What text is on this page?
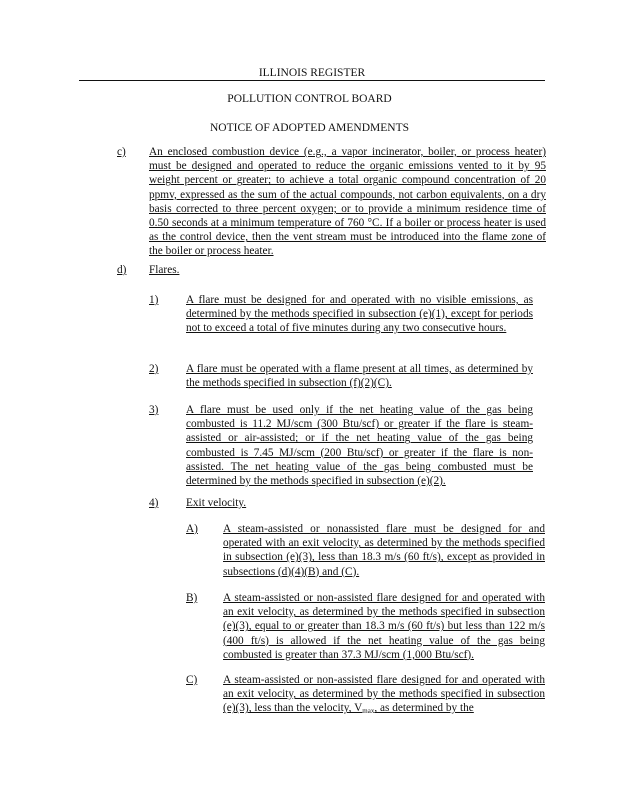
ILLINOIS REGISTER
POLLUTION CONTROL BOARD
NOTICE OF ADOPTED AMENDMENTS
c) An enclosed combustion device (e.g., a vapor incinerator, boiler, or process heater) must be designed and operated to reduce the organic emissions vented to it by 95 weight percent or greater; to achieve a total organic compound concentration of 20 ppmv, expressed as the sum of the actual compounds, not carbon equivalents, on a dry basis corrected to three percent oxygen; or to provide a minimum residence time of 0.50 seconds at a minimum temperature of 760 °C. If a boiler or process heater is used as the control device, then the vent stream must be introduced into the flame zone of the boiler or process heater.
d) Flares.
1) A flare must be designed for and operated with no visible emissions, as determined by the methods specified in subsection (e)(1), except for periods not to exceed a total of five minutes during any two consecutive hours.
2) A flare must be operated with a flame present at all times, as determined by the methods specified in subsection (f)(2)(C).
3) A flare must be used only if the net heating value of the gas being combusted is 11.2 MJ/scm (300 Btu/scf) or greater if the flare is steam-assisted or air-assisted; or if the net heating value of the gas being combusted is 7.45 MJ/scm (200 Btu/scf) or greater if the flare is non-assisted. The net heating value of the gas being combusted must be determined by the methods specified in subsection (e)(2).
4) Exit velocity.
A) A steam-assisted or nonassisted flare must be designed for and operated with an exit velocity, as determined by the methods specified in subsection (e)(3), less than 18.3 m/s (60 ft/s), except as provided in subsections (d)(4)(B) and (C).
B) A steam-assisted or non-assisted flare designed for and operated with an exit velocity, as determined by the methods specified in subsection (e)(3), equal to or greater than 18.3 m/s (60 ft/s) but less than 122 m/s (400 ft/s) is allowed if the net heating value of the gas being combusted is greater than 37.3 MJ/scm (1,000 Btu/scf).
C) A steam-assisted or non-assisted flare designed for and operated with an exit velocity, as determined by the methods specified in subsection (e)(3), less than the velocity, $V_{max}$, as determined by the
